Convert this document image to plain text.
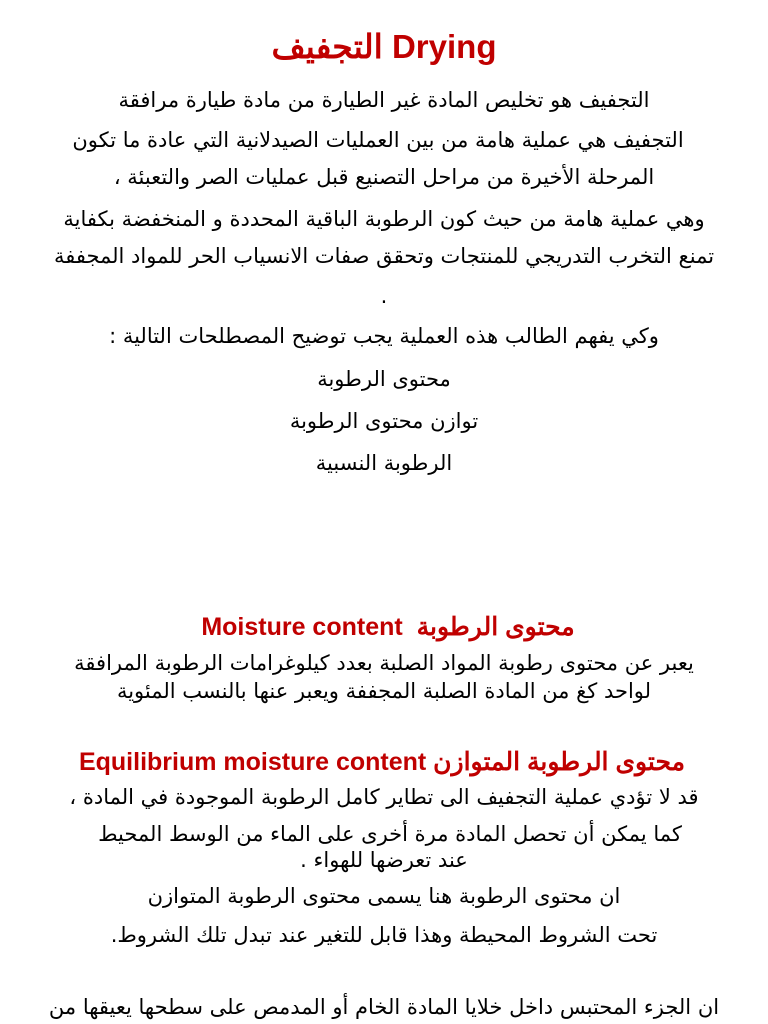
التجفيف Drying
التجفيف هو تخليص المادة غير الطيارة من مادة طيارة مرافقة
التجفيف هي عملية هامة من بين العمليات الصيدلانية التي عادة ما تكون
المرحلة الأخيرة من مراحل التصنيع قبل عمليات الصر والتعبئة ،
وهي عملية هامة من حيث كون الرطوبة الباقية المحددة و المنخفضة بكفاية
تمنع التخرب التدريجي للمنتجات وتحقق صفات الانسياب الحر للمواد المجففة
.
وكي يفهم الطالب هذه العملية يجب توضيح المصطلحات التالية :
محتوى الرطوبة
توازن محتوى الرطوبة
الرطوبة النسبية
Moisture content محتوى الرطوبة
يعبر عن محتوى رطوبة المواد الصلبة بعدد كيلوغرامات الرطوبة المرافقة
لواحد كغ من المادة الصلبة المجففة ويعبر عنها بالنسب المئوية
Equilibrium moisture content محتوى الرطوبة المتوازن
قد لا تؤدي عملية التجفيف الى تطاير كامل الرطوبة الموجودة في المادة ،
كما يمكن أن تحصل المادة مرة أخرى على الماء من الوسط المحيط
عند تعرضها للهواء .
ان محتوى الرطوبة هنا يسمى محتوى الرطوبة المتوازن
تحت الشروط المحيطة وهذا قابل للتغير عند تبدل تلك الشروط.
ان الجزء المحتبس داخل خلايا المادة الخام أو المدمص على سطحها يعيقها من
